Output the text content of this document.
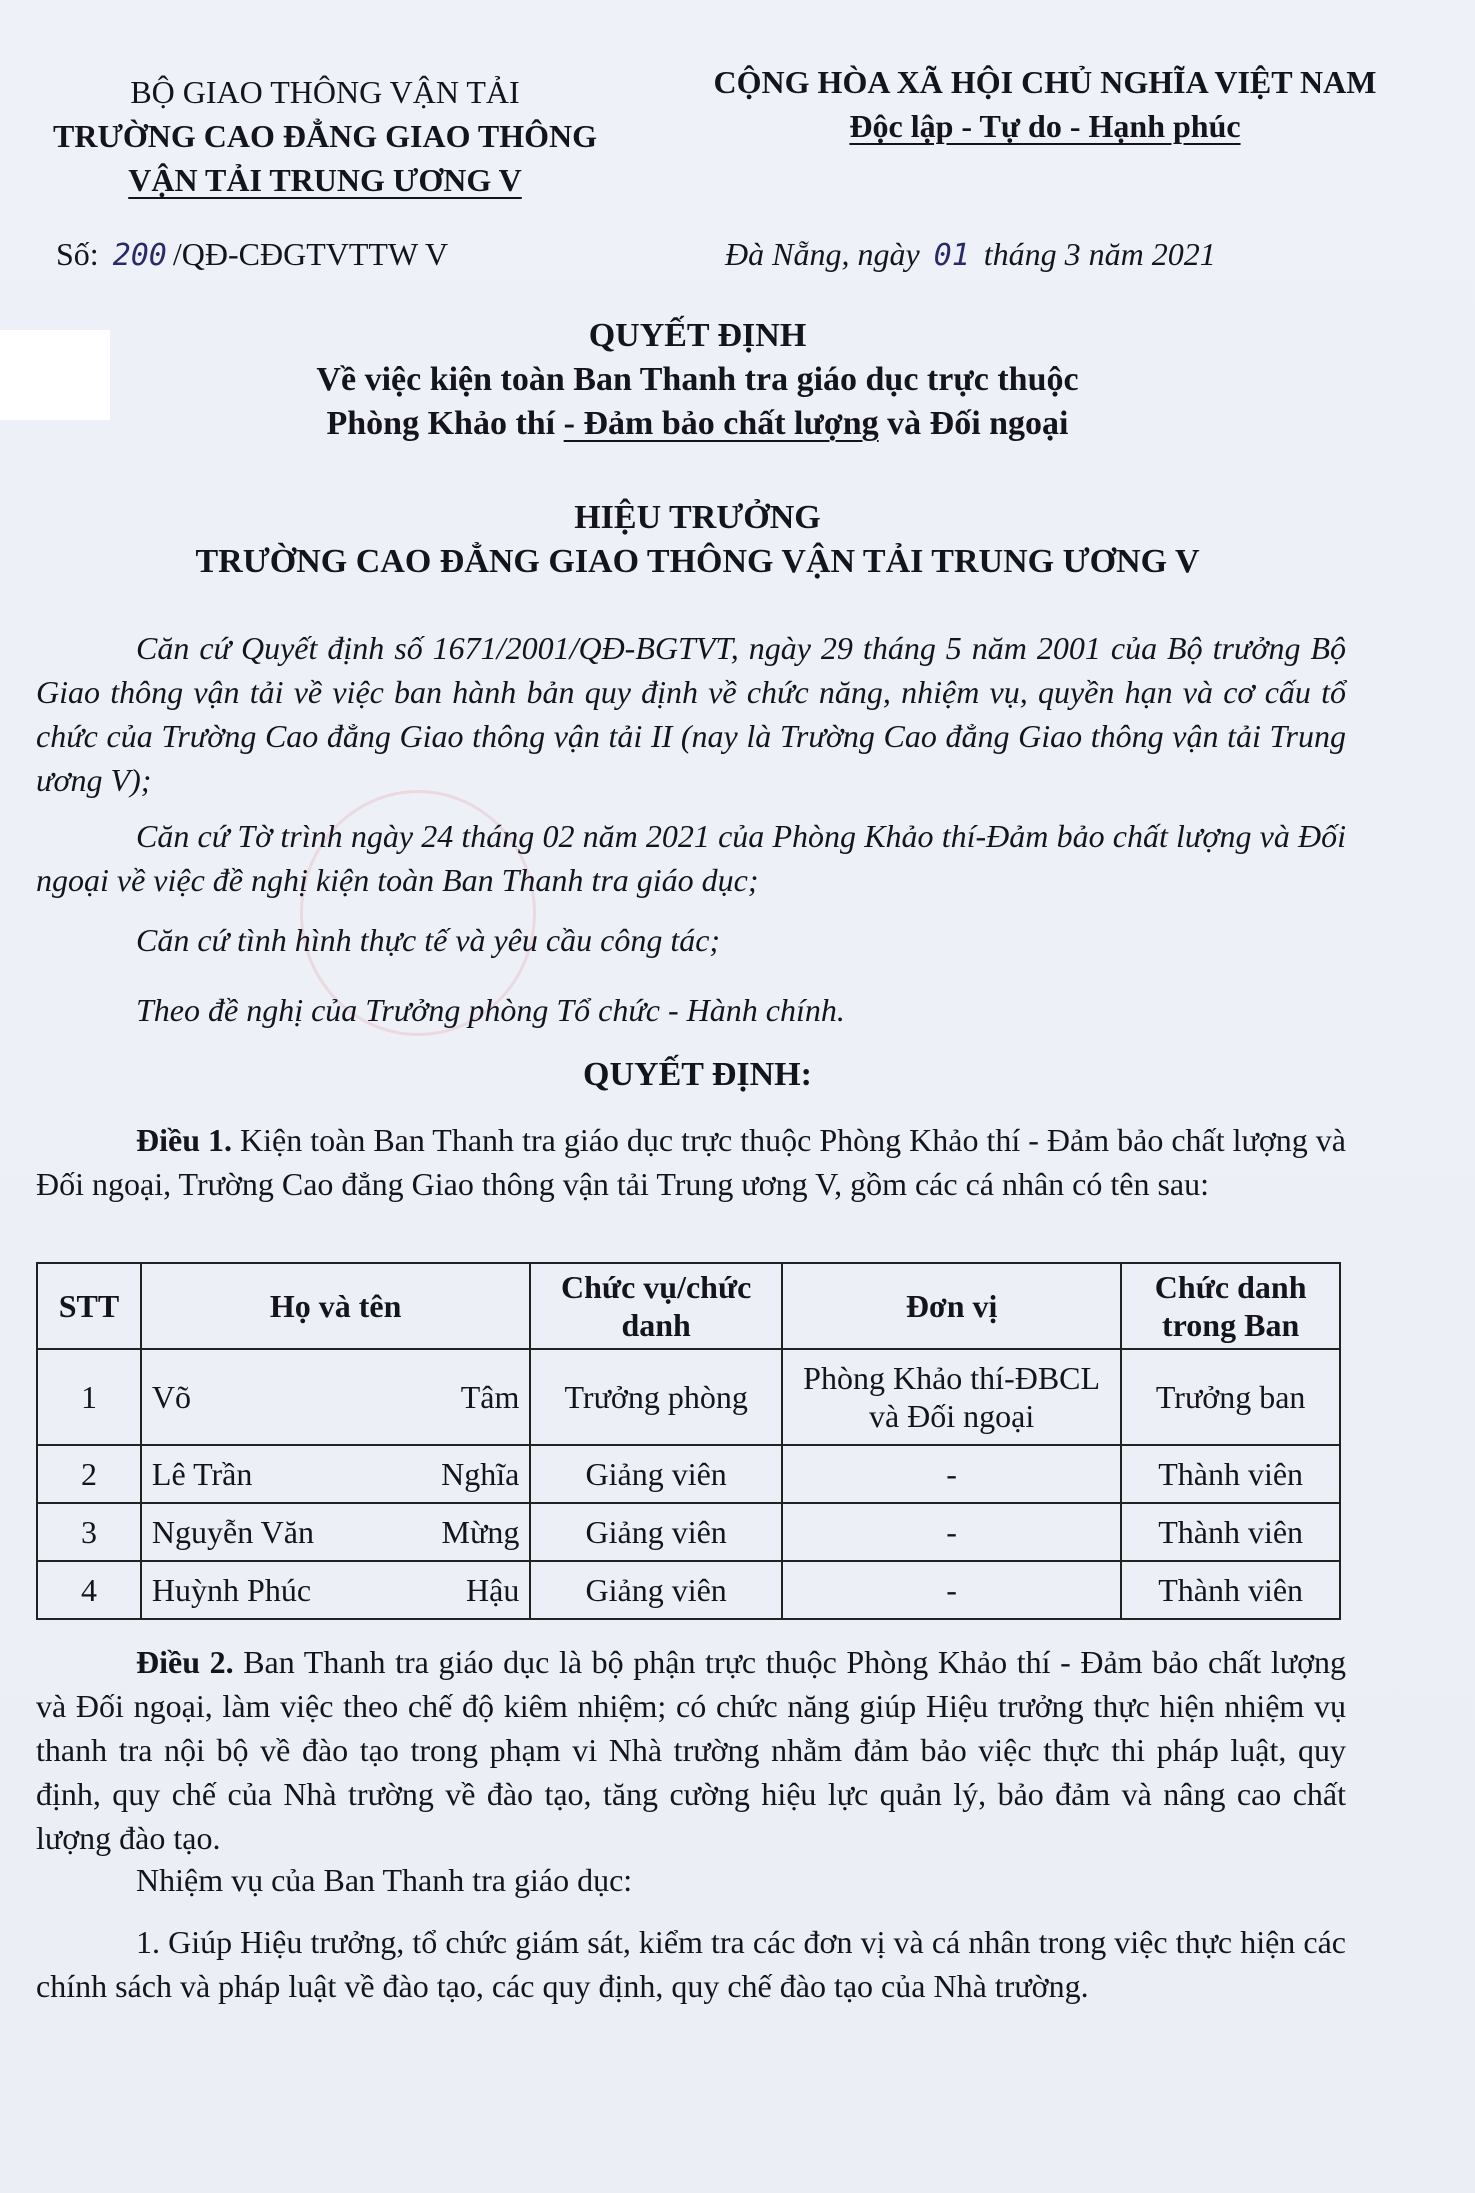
BỘ GIAO THÔNG VẬN TẢI
TRƯỜNG CAO ĐẲNG GIAO THÔNG
VẬN TẢI TRUNG ƯƠNG V
CỘNG HÒA XÃ HỘI CHỦ NGHĨA VIỆT NAM
Độc lập - Tự do - Hạnh phúc
Số: 200 /QĐ-CĐGTVTTW V	Đà Nẵng, ngày 01 tháng 3 năm 2021
QUYẾT ĐỊNH
Về việc kiện toàn Ban Thanh tra giáo dục trực thuộc
Phòng Khảo thí - Đảm bảo chất lượng và Đối ngoại
HIỆU TRƯỞNG
TRƯỜNG CAO ĐẲNG GIAO THÔNG VẬN TẢI TRUNG ƯƠNG V

Căn cứ Quyết định số 1671/2001/QĐ-BGTVT, ngày 29 tháng 5 năm 2001 của Bộ trưởng Bộ Giao thông vận tải về việc ban hành bản quy định về chức năng, nhiệm vụ, quyền hạn và cơ cấu tổ chức của Trường Cao đẳng Giao thông vận tải II (nay là Trường Cao đẳng Giao thông vận tải Trung ương V);

Căn cứ Tờ trình ngày 24 tháng 02 năm 2021 của Phòng Khảo thí-Đảm bảo chất lượng và Đối ngoại về việc đề nghị kiện toàn Ban Thanh tra giáo dục;

Căn cứ tình hình thực tế và yêu cầu công tác;

Theo đề nghị của Trưởng phòng Tổ chức - Hành chính.

QUYẾT ĐỊNH:

Điều 1. Kiện toàn Ban Thanh tra giáo dục trực thuộc Phòng Khảo thí - Đảm bảo chất lượng và Đối ngoại, Trường Cao đẳng Giao thông vận tải Trung ương V, gồm các cá nhân có tên sau:

STT	Họ và tên	Chức vụ/chức danh	Đơn vị	Chức danh trong Ban
1	Võ Tâm	Trưởng phòng	Phòng Khảo thí-ĐBCL và Đối ngoại	Trưởng ban
2	Lê Trần Nghĩa	Giảng viên	-	Thành viên
3	Nguyễn Văn Mừng	Giảng viên	-	Thành viên
4	Huỳnh Phúc Hậu	Giảng viên	-	Thành viên

Điều 2. Ban Thanh tra giáo dục là bộ phận trực thuộc Phòng Khảo thí - Đảm bảo chất lượng và Đối ngoại, làm việc theo chế độ kiêm nhiệm; có chức năng giúp Hiệu trưởng thực hiện nhiệm vụ thanh tra nội bộ về đào tạo trong phạm vi Nhà trường nhằm đảm bảo việc thực thi pháp luật, quy định, quy chế của Nhà trường về đào tạo, tăng cường hiệu lực quản lý, bảo đảm và nâng cao chất lượng đào tạo.

Nhiệm vụ của Ban Thanh tra giáo dục:

1. Giúp Hiệu trưởng, tổ chức giám sát, kiểm tra các đơn vị và cá nhân trong việc thực hiện các chính sách và pháp luật về đào tạo, các quy định, quy chế đào tạo của Nhà trường.
